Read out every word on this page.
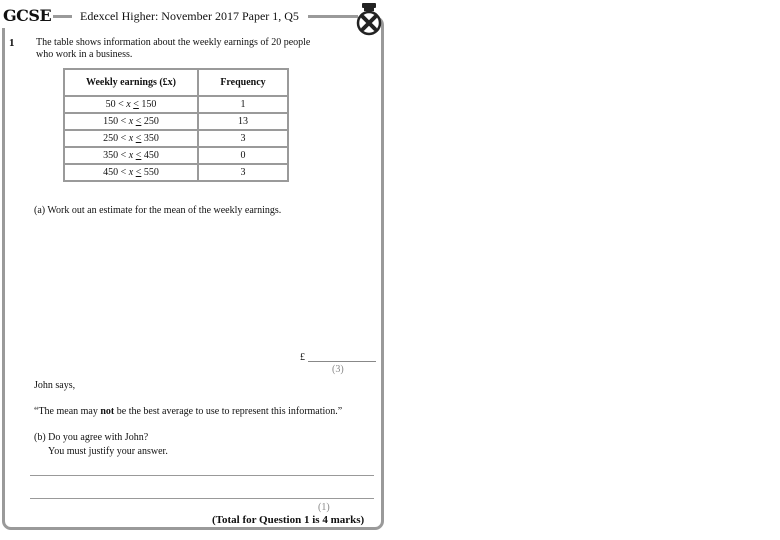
GCSE Edexcel Higher: November 2017 Paper 1, Q5
1 The table shows information about the weekly earnings of 20 people
who work in a business.
Weekly earnings (£x)	Frequency
50 < x ≤ 150	1
150 < x ≤ 250	13
250 < x ≤ 350	3
350 < x ≤ 450	0
450 < x ≤ 550	3
(a) Work out an estimate for the mean of the weekly earnings.
£
(3)
John says,
“The mean may not be the best average to use to represent this information.”
(b) Do you agree with John?
You must justify your answer.
(1)
(Total for Question 1 is 4 marks)
